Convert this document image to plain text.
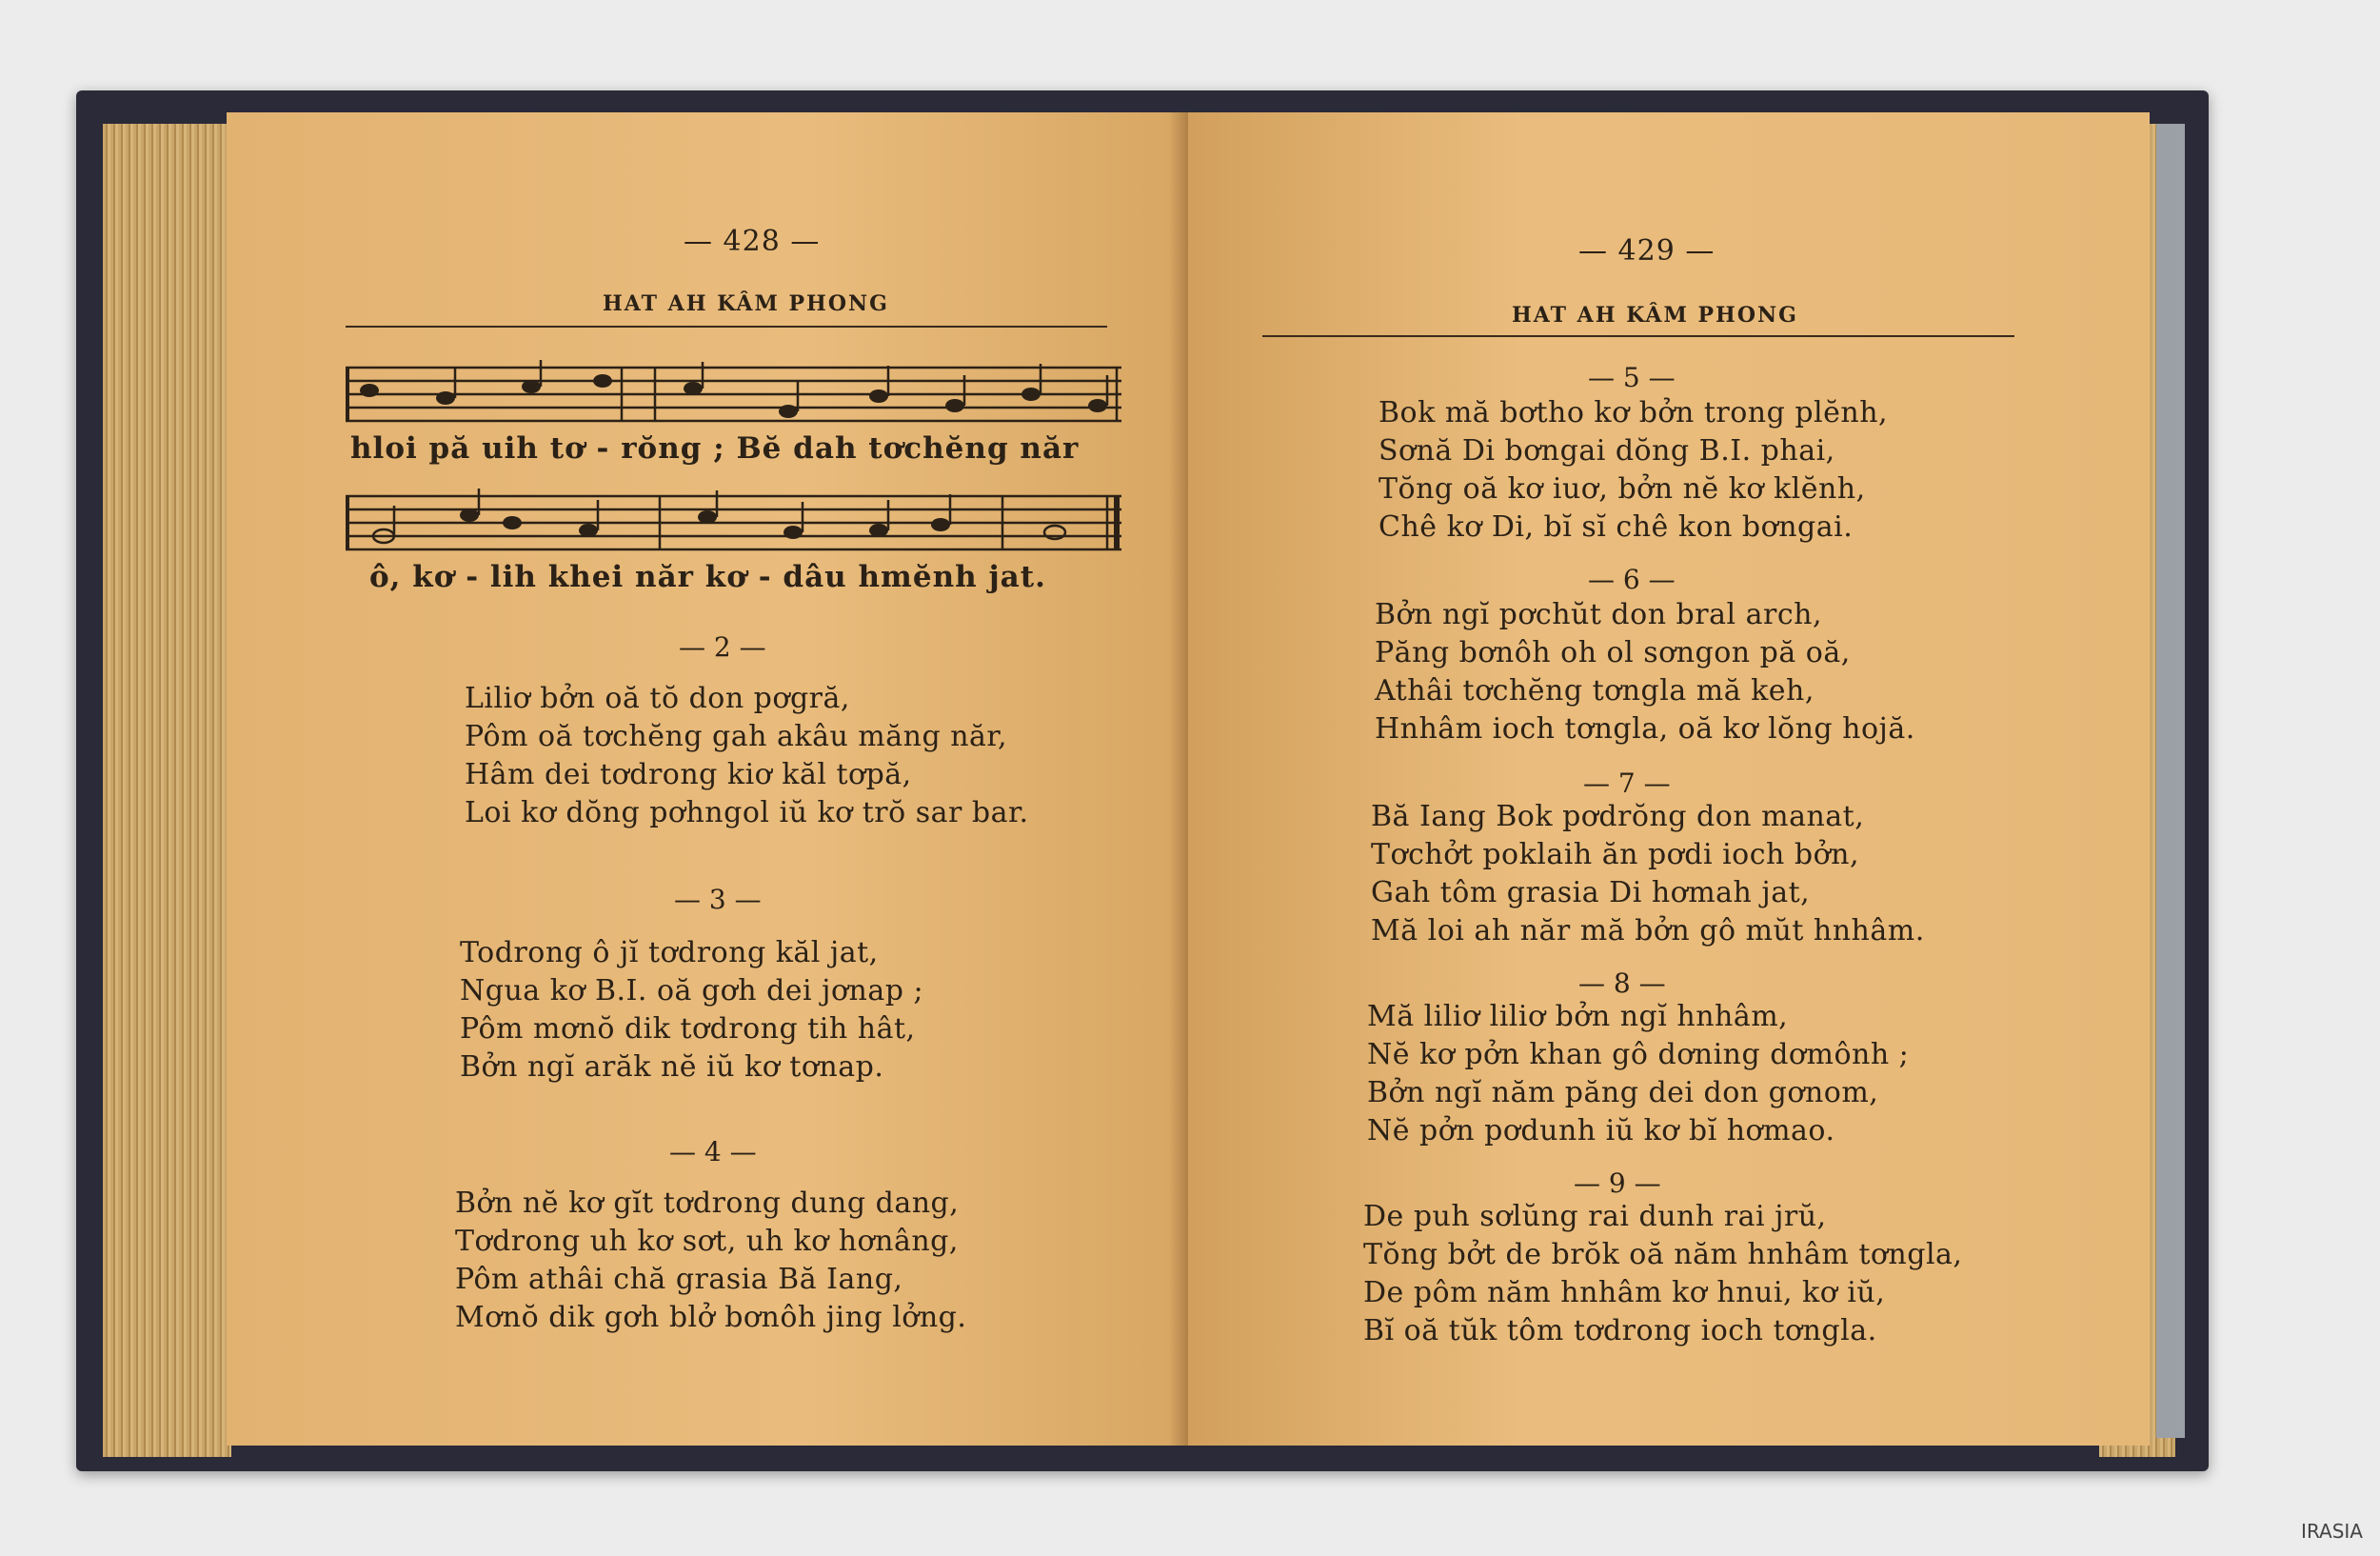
— 428 —
HAT AH KÂM PHONG
hloi pă uih tơ - rŏng ; Bĕ dah tơchĕng năr
ô, kơ - lih khei năr kơ - dâu hmĕnh jat.
— 2 —
Liliơ bởn oă tŏ don pơgră,
Pôm oă tơchĕng gah akâu măng năr,
Hâm dei tơdrong kiơ kăl tơpă,
Loi kơ dŏng pơhngol iŭ kơ trŏ sar bar.
— 3 —
Todrong ô jĭ tơdrong kăl jat,
Ngua kơ B.I. oă gơh dei jơnap ;
Pôm mơnŏ dik tơdrong tih hât,
Bởn ngĭ arăk nĕ iŭ kơ tơnap.
— 4 —
Bởn nĕ kơ gĭt tơdrong dung dang,
Tơdrong uh kơ sơt, uh kơ hơnâng,
Pôm athâi chă grasia Bă Iang,
Mơnŏ dik gơh blở bơnôh jing lởng.
— 429 —
HAT AH KÂM PHONG
— 5 —
Bok mă bơtho kơ bởn trong plĕnh,
Sơnă Di bơngai dŏng B.I. phai,
Tŏng oă kơ iuơ, bởn nĕ kơ klĕnh,
Chê kơ Di, bĭ sĭ chê kon bơngai.
— 6 —
Bởn ngĭ pơchŭt don bral arch,
Păng bơnôh oh ol sơngon pă oă,
Athâi tơchĕng tơngla mă keh,
Hnhâm ioch tơngla, oă kơ lŏng hojă.
— 7 —
Bă Iang Bok pơdrŏng don manat,
Tơchởt poklaih ăn pơdi ioch bởn,
Gah tôm grasia Di hơmah jat,
Mă loi ah năr mă bởn gô mŭt hnhâm.
— 8 —
Mă liliơ liliơ bởn ngĭ hnhâm,
Nĕ kơ pởn khan gô dơning dơmônh ;
Bởn ngĭ năm păng dei don gơnom,
Nĕ pởn pơdunh iŭ kơ bĭ hơmao.
— 9 —
De puh sơlŭng rai dunh rai jrŭ,
Tŏng bởt de brŏk oă năm hnhâm tơngla,
De pôm năm hnhâm kơ hnui, kơ iŭ,
Bĭ oă tŭk tôm tơdrong ioch tơngla.
IRASIA
